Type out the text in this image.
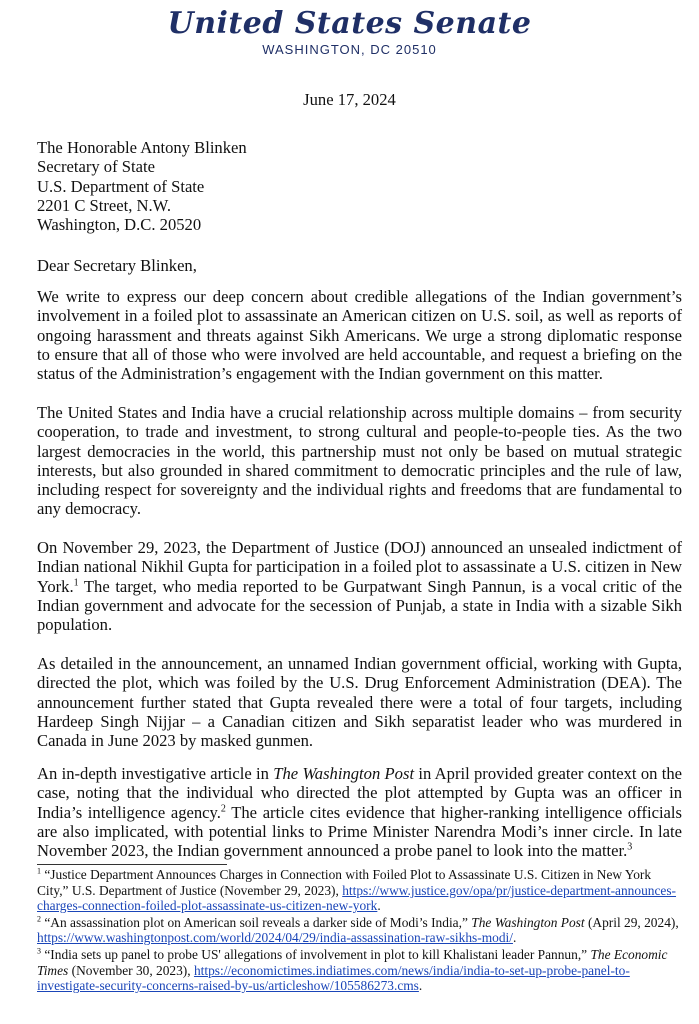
United States Senate
WASHINGTON, DC 20510
June 17, 2024
The Honorable Antony Blinken
Secretary of State
U.S. Department of State
2201 C Street, N.W.
Washington, D.C. 20520
Dear Secretary Blinken,

We write to express our deep concern about credible allegations of the Indian government’s involvement in a foiled plot to assassinate an American citizen on U.S. soil, as well as reports of ongoing harassment and threats against Sikh Americans. We urge a strong diplomatic response to ensure that all of those who were involved are held accountable, and request a briefing on the status of the Administration’s engagement with the Indian government on this matter.

The United States and India have a crucial relationship across multiple domains – from security cooperation, to trade and investment, to strong cultural and people-to-people ties. As the two largest democracies in the world, this partnership must not only be based on mutual strategic interests, but also grounded in shared commitment to democratic principles and the rule of law, including respect for sovereignty and the individual rights and freedoms that are fundamental to any democracy.

On November 29, 2023, the Department of Justice (DOJ) announced an unsealed indictment of Indian national Nikhil Gupta for participation in a foiled plot to assassinate a U.S. citizen in New York.$^1$ The target, who media reported to be Gurpatwant Singh Pannun, is a vocal critic of the Indian government and advocate for the secession of Punjab, a state in India with a sizable Sikh population.

As detailed in the announcement, an unnamed Indian government official, working with Gupta, directed the plot, which was foiled by the U.S. Drug Enforcement Administration (DEA). The announcement further stated that Gupta revealed there were a total of four targets, including Hardeep Singh Nijjar – a Canadian citizen and Sikh separatist leader who was murdered in Canada in June 2023 by masked gunmen.

An in-depth investigative article in The Washington Post in April provided greater context on the case, noting that the individual who directed the plot attempted by Gupta was an officer in India’s intelligence agency.$^2$ The article cites evidence that higher-ranking intelligence officials are also implicated, with potential links to Prime Minister Narendra Modi’s inner circle. In late November 2023, the Indian government announced a probe panel to look into the matter.$^3$

$^1$ “Justice Department Announces Charges in Connection with Foiled Plot to Assassinate U.S. Citizen in New York City,” U.S. Department of Justice (November 29, 2023), https://www.justice.gov/opa/pr/justice-department-announces-charges-connection-foiled-plot-assassinate-us-citizen-new-york.

$^2$ “An assassination plot on American soil reveals a darker side of Modi’s India,” The Washington Post (April 29, 2024), https://www.washingtonpost.com/world/2024/04/29/india-assassination-raw-sikhs-modi/.

$^3$ “India sets up panel to probe US' allegations of involvement in plot to kill Khalistani leader Pannun,” The Economic Times (November 30, 2023), https://economictimes.indiatimes.com/news/india/india-to-set-up-probe-panel-to-investigate-security-concerns-raised-by-us/articleshow/105586273.cms.
